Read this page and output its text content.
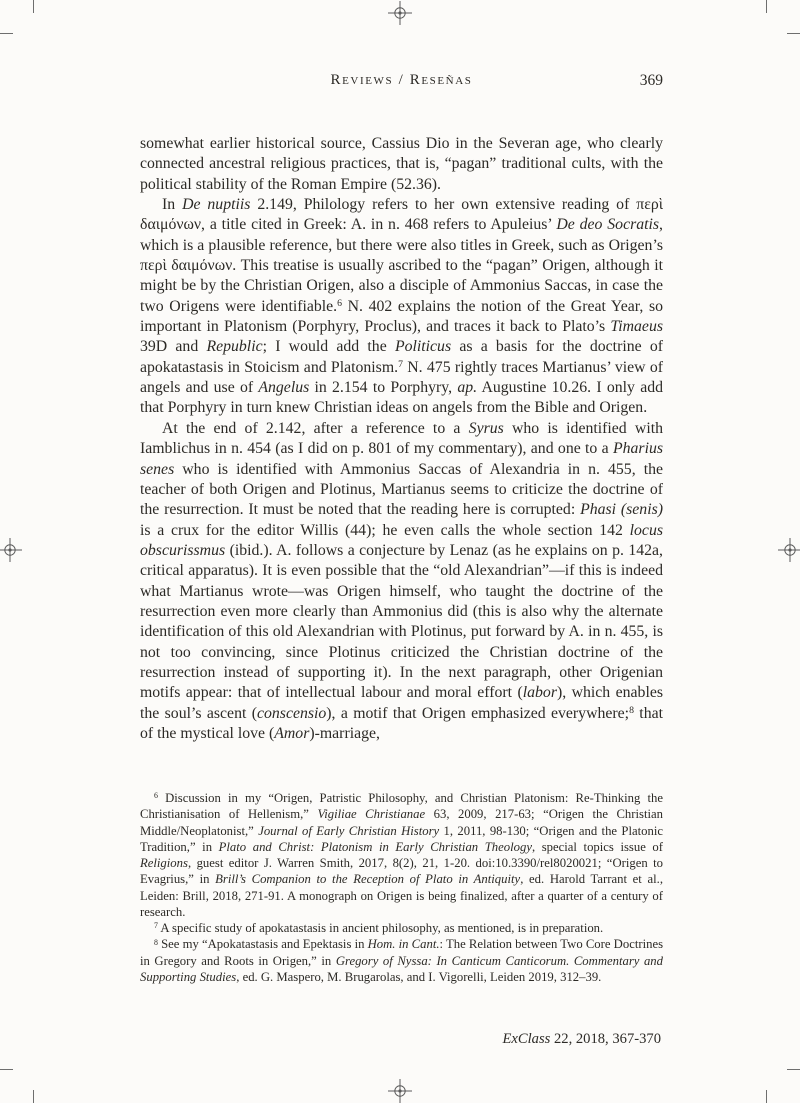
Reviews / Reseñas	369

somewhat earlier historical source, Cassius Dio in the Severan age, who clearly connected ancestral religious practices, that is, “pagan” traditional cults, with the political stability of the Roman Empire (52.36).

In De nuptiis 2.149, Philology refers to her own extensive reading of περὶ δαιμόνων, a title cited in Greek: A. in n. 468 refers to Apuleius’ De deo Socratis, which is a plausible reference, but there were also titles in Greek, such as Origen’s περὶ δαιμόνων. This treatise is usually ascribed to the “pagan” Origen, although it might be by the Christian Origen, also a disciple of Ammonius Saccas, in case the two Origens were identifiable.$^6$ N. 402 explains the notion of the Great Year, so important in Platonism (Porphyry, Proclus), and traces it back to Plato’s Timaeus 39D and Republic; I would add the Politicus as a basis for the doctrine of apokatastasis in Stoicism and Platonism.$^7$ N. 475 rightly traces Martianus’ view of angels and use of Angelus in 2.154 to Porphyry, ap. Augustine 10.26. I only add that Porphyry in turn knew Christian ideas on angels from the Bible and Origen.

At the end of 2.142, after a reference to a Syrus who is identified with Iamblichus in n. 454 (as I did on p. 801 of my commentary), and one to a Pharius senes who is identified with Ammonius Saccas of Alexandria in n. 455, the teacher of both Origen and Plotinus, Martianus seems to criticize the doctrine of the resurrection. It must be noted that the reading here is corrupted: Phasi (senis) is a crux for the editor Willis (44); he even calls the whole section 142 locus obscurissmus (ibid.). A. follows a conjecture by Lenaz (as he explains on p. 142a, critical apparatus). It is even possible that the “old Alexandrian”—if this is indeed what Martianus wrote—was Origen himself, who taught the doctrine of the resurrection even more clearly than Ammonius did (this is also why the alternate identification of this old Alexandrian with Plotinus, put forward by A. in n. 455, is not too convincing, since Plotinus criticized the Christian doctrine of the resurrection instead of supporting it). In the next paragraph, other Origenian motifs appear: that of intellectual labour and moral effort (labor), which enables the soul’s ascent (conscensio), a motif that Origen emphasized everywhere;$^8$ that of the mystical love (Amor)-marriage,

$^6$ Discussion in my “Origen, Patristic Philosophy, and Christian Platonism: Re-Thinking the Christianisation of Hellenism,” Vigiliae Christianae 63, 2009, 217-63; “Origen the Christian Middle/Neoplatonist,” Journal of Early Christian History 1, 2011, 98-130; “Origen and the Platonic Tradition,” in Plato and Christ: Platonism in Early Christian Theology, special topics issue of Religions, guest editor J. Warren Smith, 2017, 8(2), 21, 1-20. doi:10.3390/rel8020021; “Origen to Evagrius,” in Brill’s Companion to the Reception of Plato in Antiquity, ed. Harold Tarrant et al., Leiden: Brill, 2018, 271-91. A monograph on Origen is being finalized, after a quarter of a century of research.

$^7$ A specific study of apokatastasis in ancient philosophy, as mentioned, is in preparation.

$^8$ See my “Apokatastasis and Epektasis in Hom. in Cant.: The Relation between Two Core Doctrines in Gregory and Roots in Origen,” in Gregory of Nyssa: In Canticum Canticorum. Commentary and Supporting Studies, ed. G. Maspero, M. Brugarolas, and I. Vigorelli, Leiden 2019, 312–39.

ExClass 22, 2018, 367-370
